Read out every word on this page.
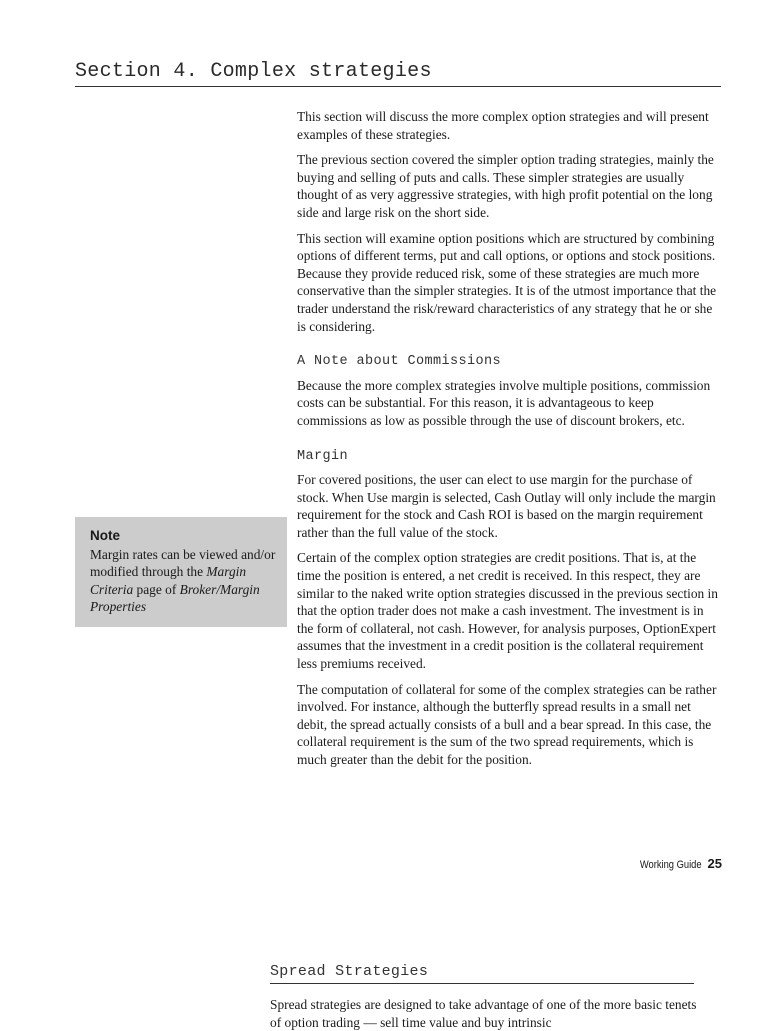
Section 4. Complex strategies

This section will discuss the more complex option strategies and will present examples of these strategies.

The previous section covered the simpler option trading strategies, mainly the buying and selling of puts and calls. These simpler strategies are usually thought of as very aggressive strategies, with high profit potential on the long side and large risk on the short side.

This section will examine option positions which are structured by combining options of different terms, put and call options, or options and stock positions. Because they provide reduced risk, some of these strategies are much more conservative than the simpler strategies. It is of the utmost importance that the trader understand the risk/reward characteristics of any strategy that he or she is considering.

A Note about Commissions

Because the more complex strategies involve multiple positions, commission costs can be substantial. For this reason, it is advantageous to keep commissions as low as possible through the use of discount brokers, etc.

Margin

For covered positions, the user can elect to use margin for the purchase of stock. When Use margin is selected, Cash Outlay will only include the margin requirement for the stock and Cash ROI is based on the margin requirement rather than the full value of the stock.

Certain of the complex option strategies are credit positions. That is, at the time the position is entered, a net credit is received. In this respect, they are similar to the naked write option strategies discussed in the previous section in that the option trader does not make a cash investment. The investment is in the form of collateral, not cash. However, for analysis purposes, OptionExpert assumes that the investment in a credit position is the collateral requirement less premiums received.

The computation of collateral for some of the complex strategies can be rather involved. For instance, although the butterfly spread results in a small net debit, the spread actually consists of a bull and a bear spread. In this case, the collateral requirement is the sum of the two spread requirements, which is much greater than the debit for the position.

Note
Margin rates can be viewed and/or modified through the Margin Criteria page of Broker/Margin Properties
Working Guide 25
Spread Strategies
Spread strategies are designed to take advantage of one of the more basic tenets of option trading — sell time value and buy intrinsic
